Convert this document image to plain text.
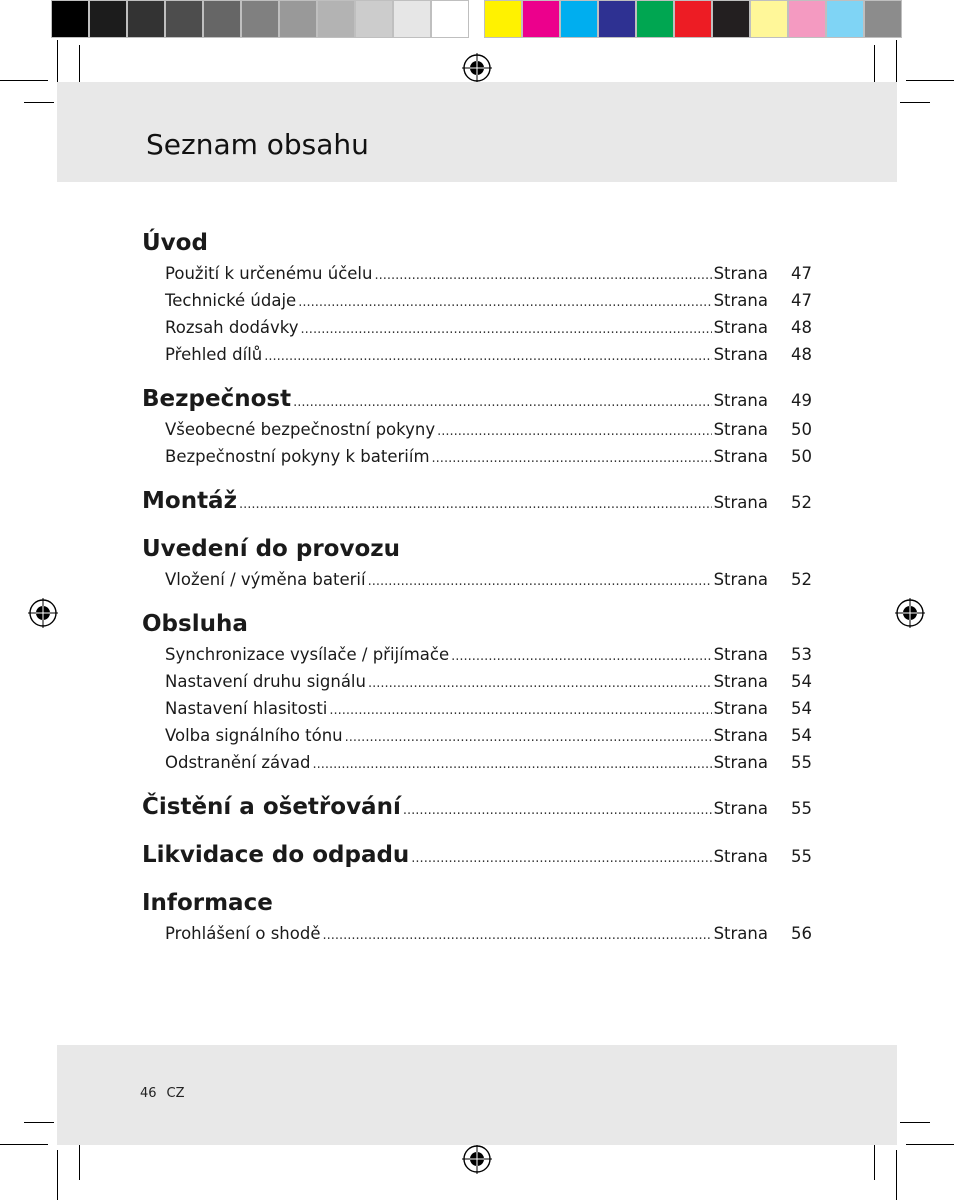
Seznam obsahu
Úvod
Použití k určenému účelu .....	Strana	47
Technické údaje .....	Strana	47
Rozsah dodávky .....	Strana	48
Přehled dílů .....	Strana	48
Bezpečnost .....	Strana	49
Všeobecné bezpečnostní pokyny .....	Strana	50
Bezpečnostní pokyny k bateriím .....	Strana	50
Montáž .....	Strana	52
Uvedení do provozu
Vložení / výměna baterií .....	Strana	52
Obsluha
Synchronizace vysílače / přijímače .....	Strana	53
Nastavení druhu signálu .....	Strana	54
Nastavení hlasitosti .....	Strana	54
Volba signálního tónu .....	Strana	54
Odstranění závad .....	Strana	55
Čistění a ošetřování .....	Strana	55
Likvidace do odpadu .....	Strana	55
Informace
Prohlášení o shodě .....	Strana	56
46 CZ
